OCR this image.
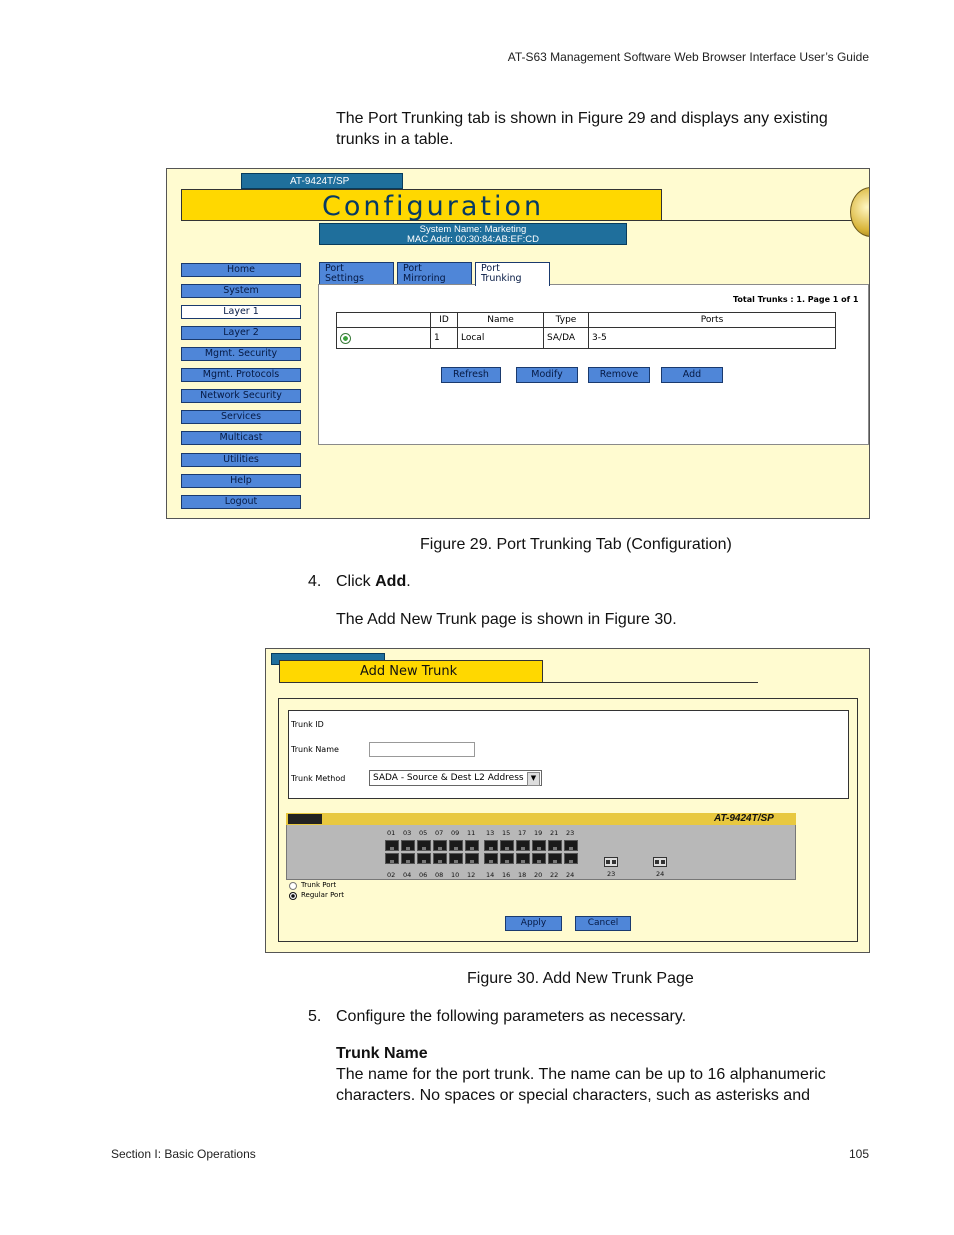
AT-S63 Management Software Web Browser Interface User’s Guide
The Port Trunking tab is shown in Figure 29 and displays any existing
trunks in a table.
AT-9424T/SP
Configuration
System Name: Marketing
MAC Addr: 00:30:84:AB:EF:CD
Home
System
Layer 1
Layer 2
Mgmt. Security
Mgmt. Protocols
Network Security
Services
Multicast
Utilities
Help
Logout
Port
Settings
Port
Mirroring
Port
Trunking
Total Trunks : 1. Page 1 of 1
	ID	Name	Type	Ports
	1	Local	SA/DA	3-5
Refresh	Modify	Remove	Add
Figure 29. Port Trunking Tab (Configuration)
4. Click Add.
The Add New Trunk page is shown in Figure 30.
Add New Trunk
Trunk ID
Trunk Name
Trunk Method	SADA - Source & Dest L2 Address	▼
AT-9424T/SP
01 03 05 07 09 11 13 15 17 19 21 23
02 04 06 08 10 12 14 16 18 20 22 24	23	24
Trunk Port
Regular Port
Apply	Cancel
Figure 30. Add New Trunk Page
5. Configure the following parameters as necessary.
Trunk Name
The name for the port trunk. The name can be up to 16 alphanumeric
characters. No spaces or special characters, such as asterisks and
Section I: Basic Operations	105
